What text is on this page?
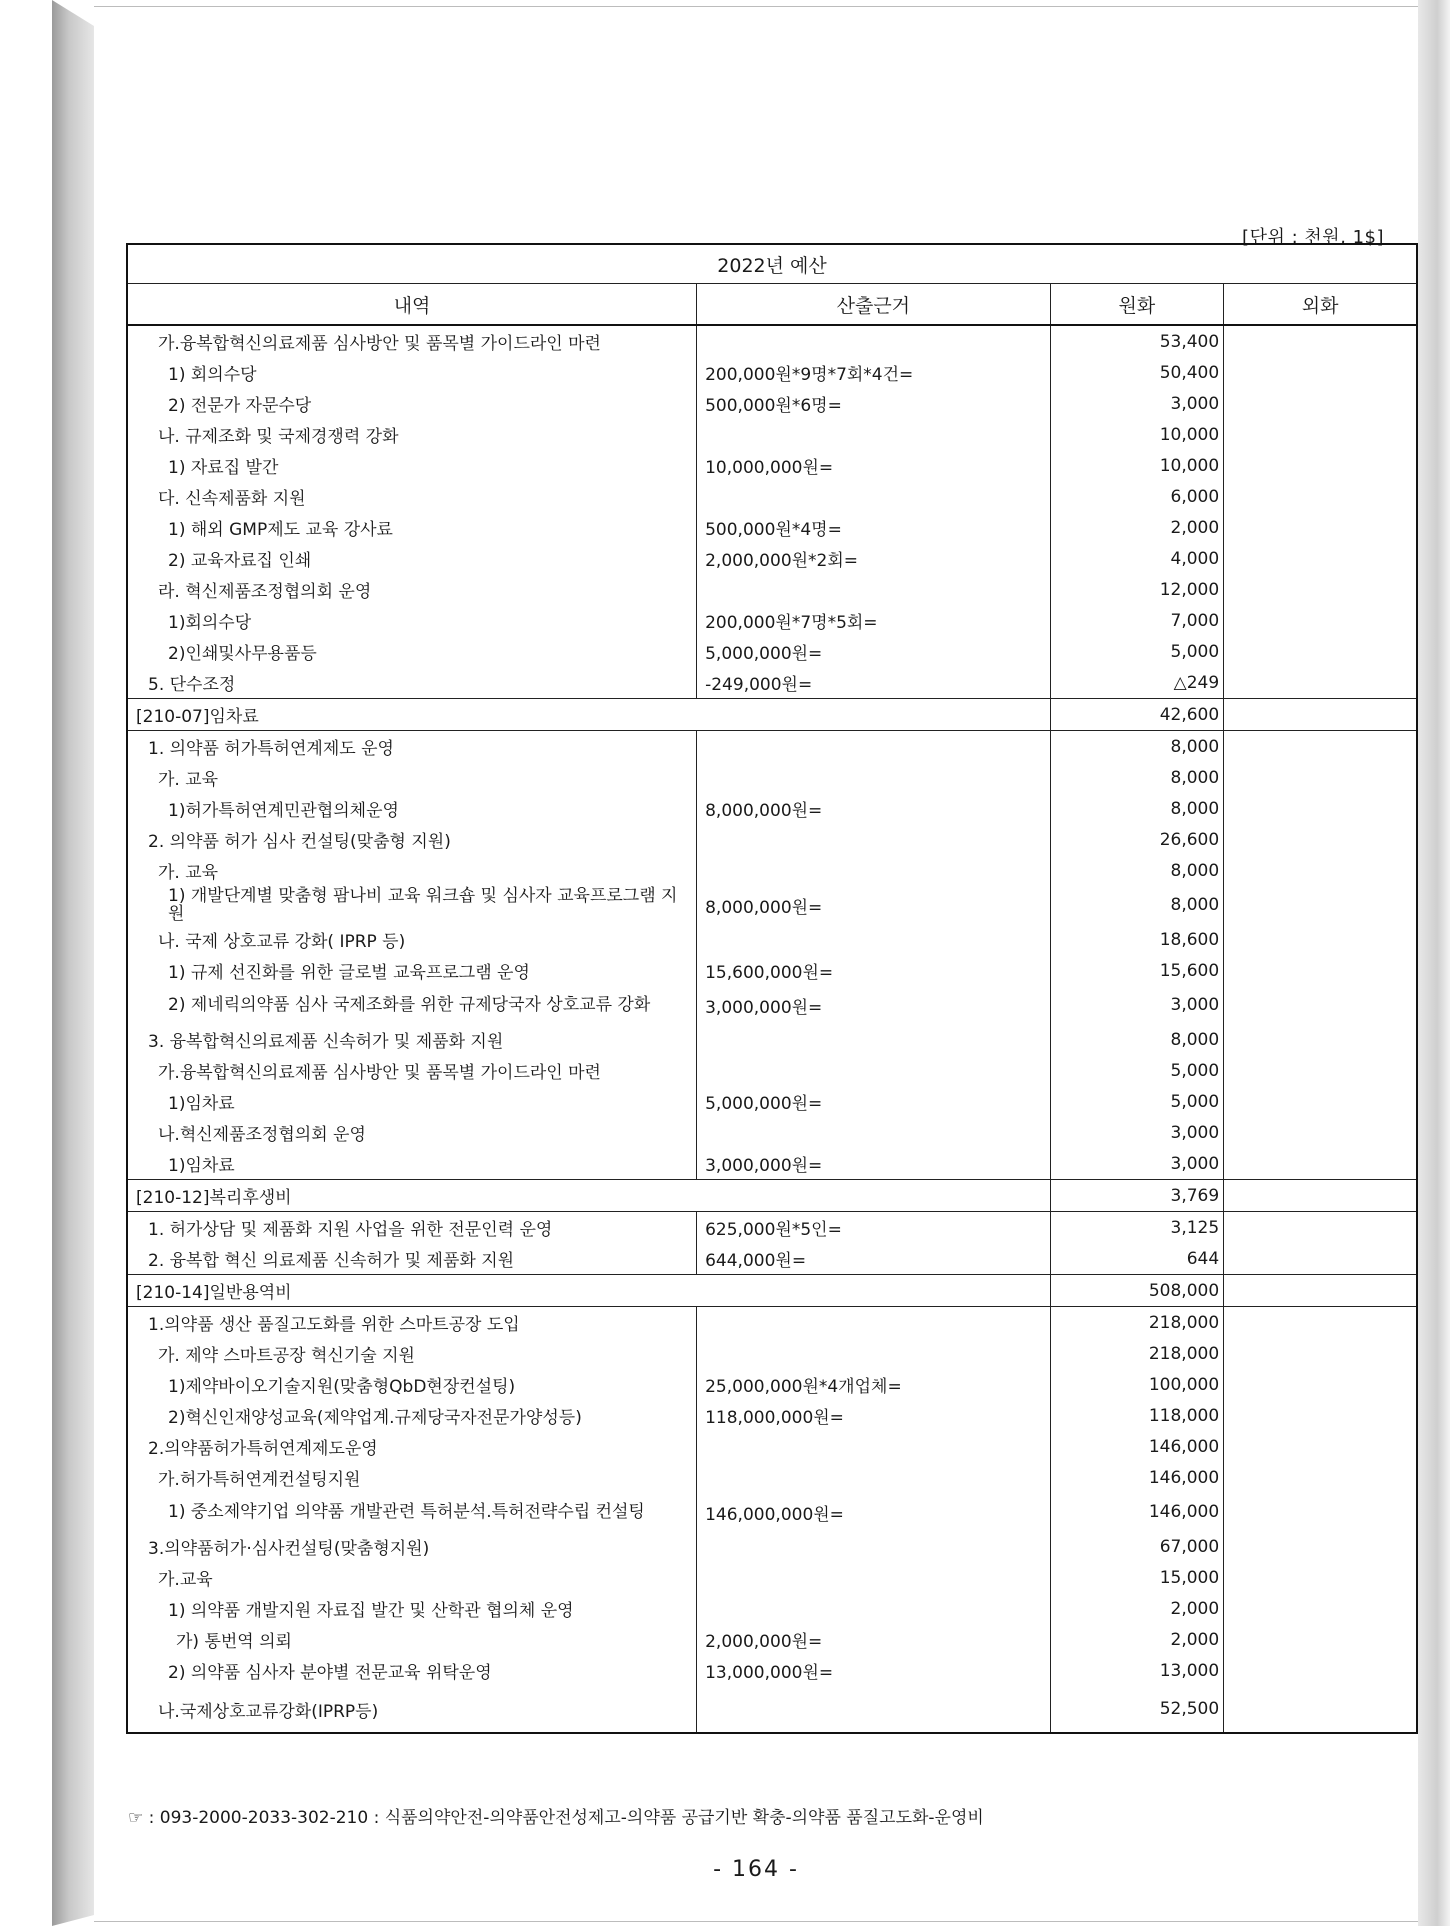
[단위 : 천원, 1$]
2022년 예산			
내역	산출근거	원화	외화
가.융복합혁신의료제품 심사방안 및 품목별 가이드라인 마련		53,400	
1) 회의수당	200,000원*9명*7회*4건=	50,400	
2) 전문가 자문수당	500,000원*6명=	3,000	
나. 규제조화 및 국제경쟁력 강화		10,000	
1) 자료집 발간	10,000,000원=	10,000	
다. 신속제품화 지원		6,000	
1) 해외 GMP제도 교육 강사료	500,000원*4명=	2,000	
2) 교육자료집 인쇄	2,000,000원*2회=	4,000	
라. 혁신제품조정협의회 운영		12,000	
1)회의수당	200,000원*7명*5회=	7,000	
2)인쇄및사무용품등	5,000,000원=	5,000	
5. 단수조정	-249,000원=	△249	
[210-07]임차료		42,600	
1. 의약품 허가특허연계제도 운영		8,000	
가. 교육		8,000	
1)허가특허연계민관협의체운영	8,000,000원=	8,000	
2. 의약품 허가 심사 컨설팅(맞춤형 지원)		26,600	
가. 교육		8,000	
1) 개발단계별 맞춤형 팜나비 교육 워크숍 및 심사자 교육프로그램 지원	8,000,000원=	8,000	
나. 국제 상호교류 강화( IPRP 등)		18,600	
1) 규제 선진화를 위한 글로벌 교육프로그램 운영	15,600,000원=	15,600	
2) 제네릭의약품 심사 국제조화를 위한 규제당국자 상호교류 강화	3,000,000원=	3,000	
3. 융복합혁신의료제품 신속허가 및 제품화 지원		8,000	
가.융복합혁신의료제품 심사방안 및 품목별 가이드라인 마련		5,000	
1)임차료	5,000,000원=	5,000	
나.혁신제품조정협의회 운영		3,000	
1)임차료	3,000,000원=	3,000	
[210-12]복리후생비		3,769	
1. 허가상담 및 제품화 지원 사업을 위한 전문인력 운영	625,000원*5인=	3,125	
2. 융복합 혁신 의료제품 신속허가 및 제품화 지원	644,000원=	644	
[210-14]일반용역비		508,000	
1.의약품 생산 품질고도화를 위한 스마트공장 도입		218,000	
가. 제약 스마트공장 혁신기술 지원		218,000	
1)제약바이오기술지원(맞춤형QbD현장컨설팅)	25,000,000원*4개업체=	100,000	
2)혁신인재양성교육(제약업계.규제당국자전문가양성등)	118,000,000원=	118,000	
2.의약품허가특허연계제도운영		146,000	
가.허가특허연계컨설팅지원		146,000	
1) 중소제약기업 의약품 개발관련 특허분석.특허전략수립 컨설팅	146,000,000원=	146,000	
3.의약품허가·심사컨설팅(맞춤형지원)		67,000	
가.교육		15,000	
1) 의약품 개발지원 자료집 발간 및 산학관 협의체 운영		2,000	
가) 통번역 의뢰	2,000,000원=	2,000	
2) 의약품 심사자 분야별 전문교육 위탁운영	13,000,000원=	13,000	
나.국제상호교류강화(IPRP등)		52,500	
☞ : 093-2000-2033-302-210 : 식품의약안전-의약품안전성제고-의약품 공급기반 확충-의약품 품질고도화-운영비
- 164 -
